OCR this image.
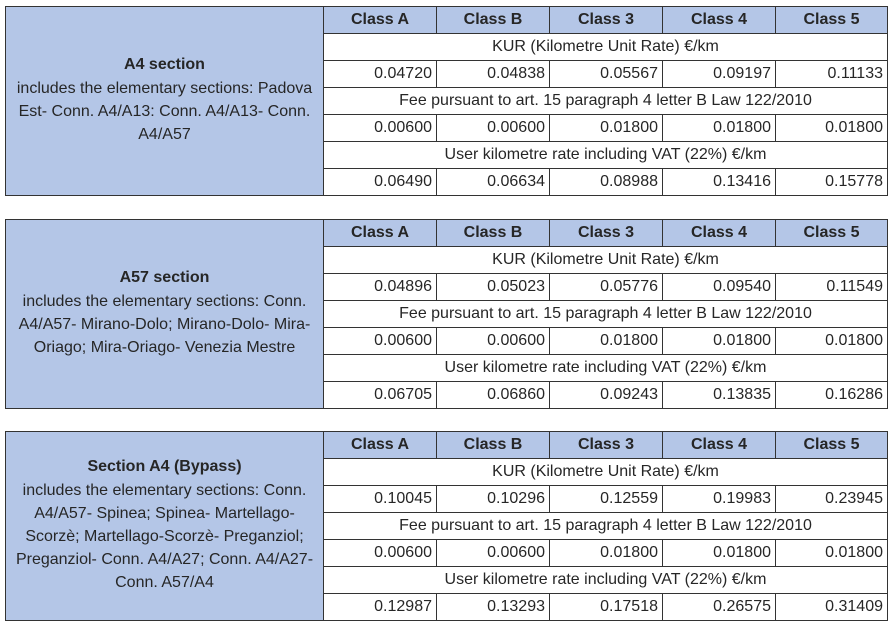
A4 section
includes the elementary sections: Padova Est- Conn. A4/A13: Conn. A4/A13- Conn. A4/A57	Class A	Class B	Class 3	Class 4	Class 5
	KUR (Kilometre Unit Rate) €/km				
	0.04720	0.04838	0.05567	0.09197	0.11133
	Fee pursuant to art. 15 paragraph 4 letter B Law 122/2010				
	0.00600	0.00600	0.01800	0.01800	0.01800
	User kilometre rate including VAT (22%) €/km				
	0.06490	0.06634	0.08988	0.13416	0.15778
A57 section
includes the elementary sections: Conn. A4/A57- Mirano-Dolo; Mirano-Dolo- Mira-Oriago; Mira-Oriago- Venezia Mestre	Class A	Class B	Class 3	Class 4	Class 5
	KUR (Kilometre Unit Rate) €/km				
	0.04896	0.05023	0.05776	0.09540	0.11549
	Fee pursuant to art. 15 paragraph 4 letter B Law 122/2010				
	0.00600	0.00600	0.01800	0.01800	0.01800
	User kilometre rate including VAT (22%) €/km				
	0.06705	0.06860	0.09243	0.13835	0.16286
Section A4 (Bypass)
includes the elementary sections: Conn. A4/A57- Spinea; Spinea- Martellago-Scorzè; Martellago-Scorzè- Preganziol; Preganziol- Conn. A4/A27; Conn. A4/A27- Conn. A57/A4	Class A	Class B	Class 3	Class 4	Class 5
	KUR (Kilometre Unit Rate) €/km				
	0.10045	0.10296	0.12559	0.19983	0.23945
	Fee pursuant to art. 15 paragraph 4 letter B Law 122/2010				
	0.00600	0.00600	0.01800	0.01800	0.01800
	User kilometre rate including VAT (22%) €/km				
	0.12987	0.13293	0.17518	0.26575	0.31409
